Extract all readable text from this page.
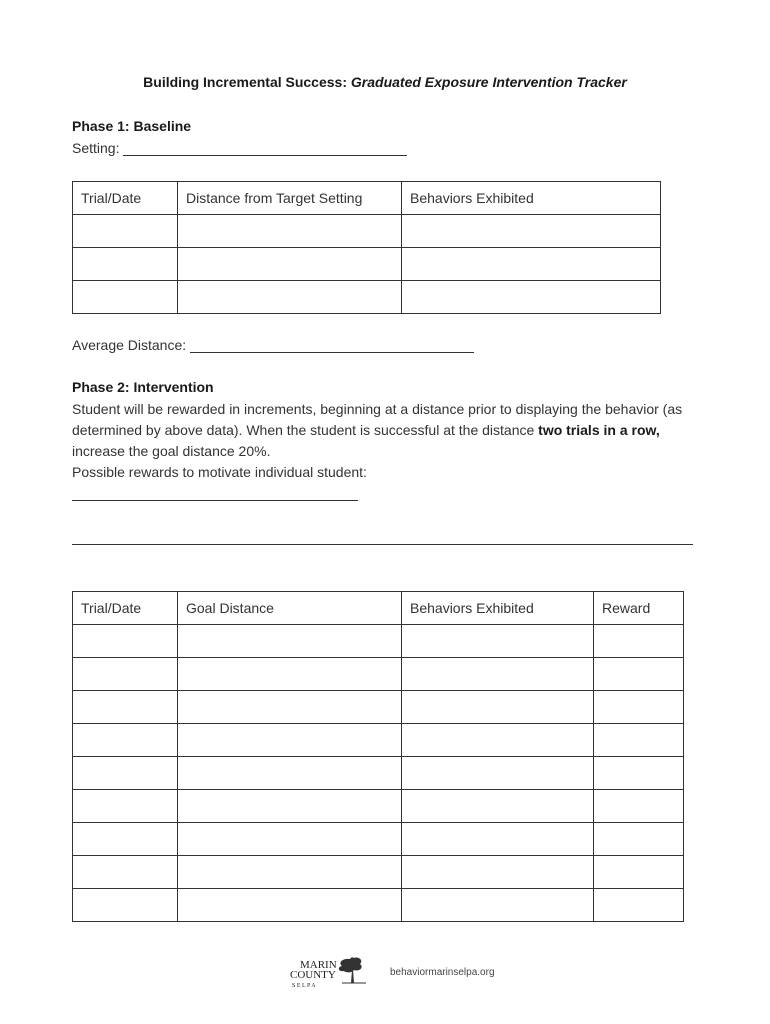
Building Incremental Success: Graduated Exposure Intervention Tracker
Phase 1: Baseline
Setting:
Trial/Date	Distance from Target Setting	Behaviors Exhibited

Average Distance:
Phase 2: Intervention
Student will be rewarded in increments, beginning at a distance prior to displaying the behavior (as determined by above data). When the student is successful at the distance two trials in a row, increase the goal distance 20%.
Possible rewards to motivate individual student:
Trial/Date	Goal Distance	Behaviors Exhibited	Reward

MARIN
COUNTY
S E L P A
behaviormarinselpa.org
